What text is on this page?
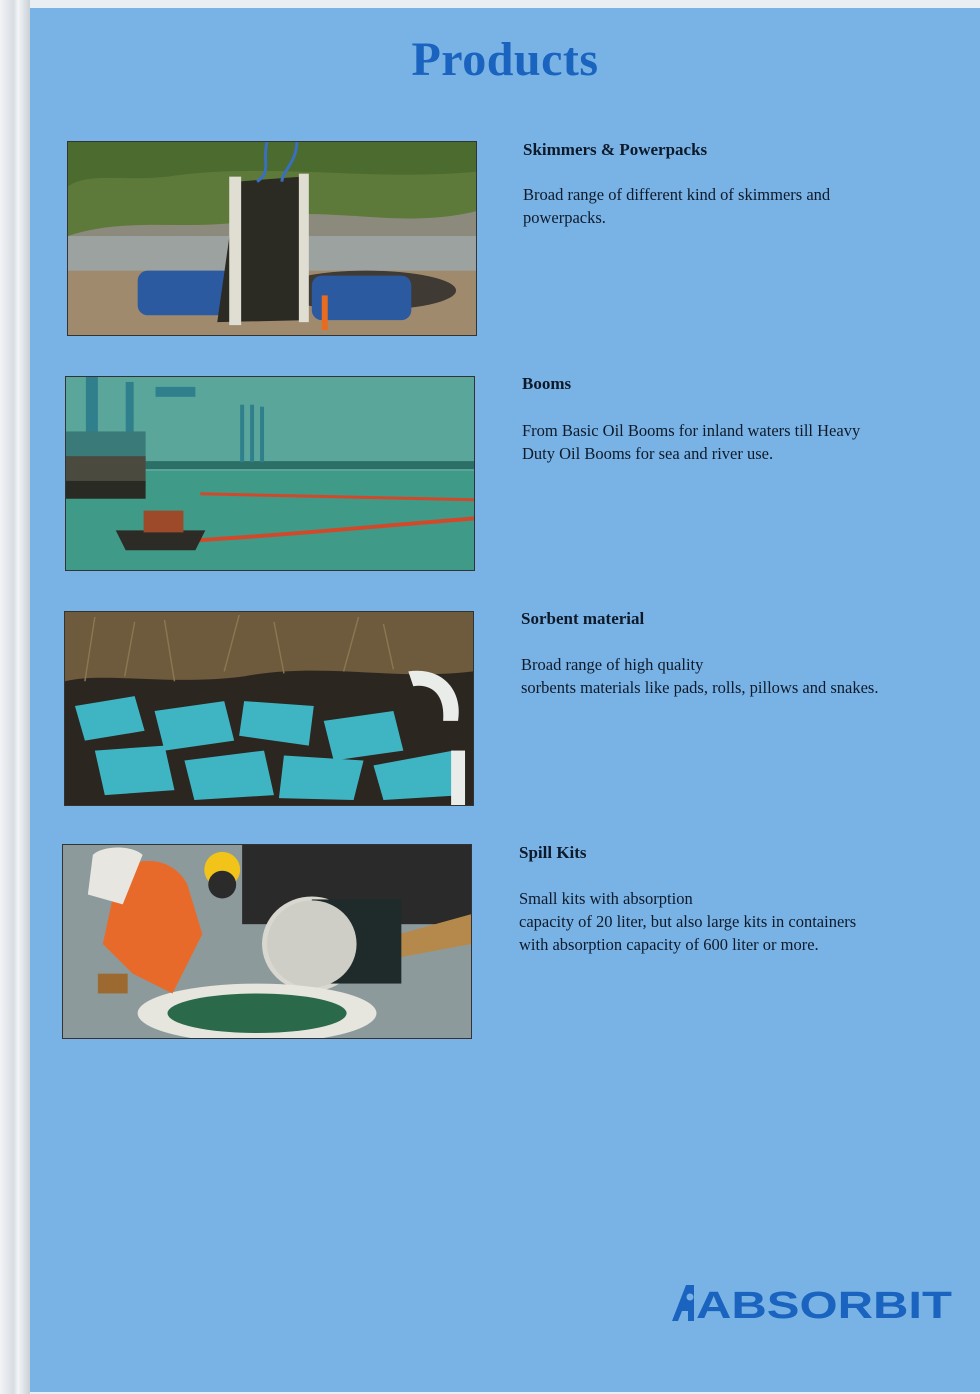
Products
Skimmers & Powerpacks
Broad range of different kind of skimmers and
powerpacks.
Booms
From Basic Oil Booms for inland waters till Heavy
Duty Oil Booms for sea and river use.
Sorbent material
Broad range of high quality
sorbents materials like pads, rolls, pillows and snakes.
Spill Kits
Small kits with absorption
capacity of 20 liter, but also large kits in containers
with absorption capacity of 600 liter or more.
ABSORBIT
